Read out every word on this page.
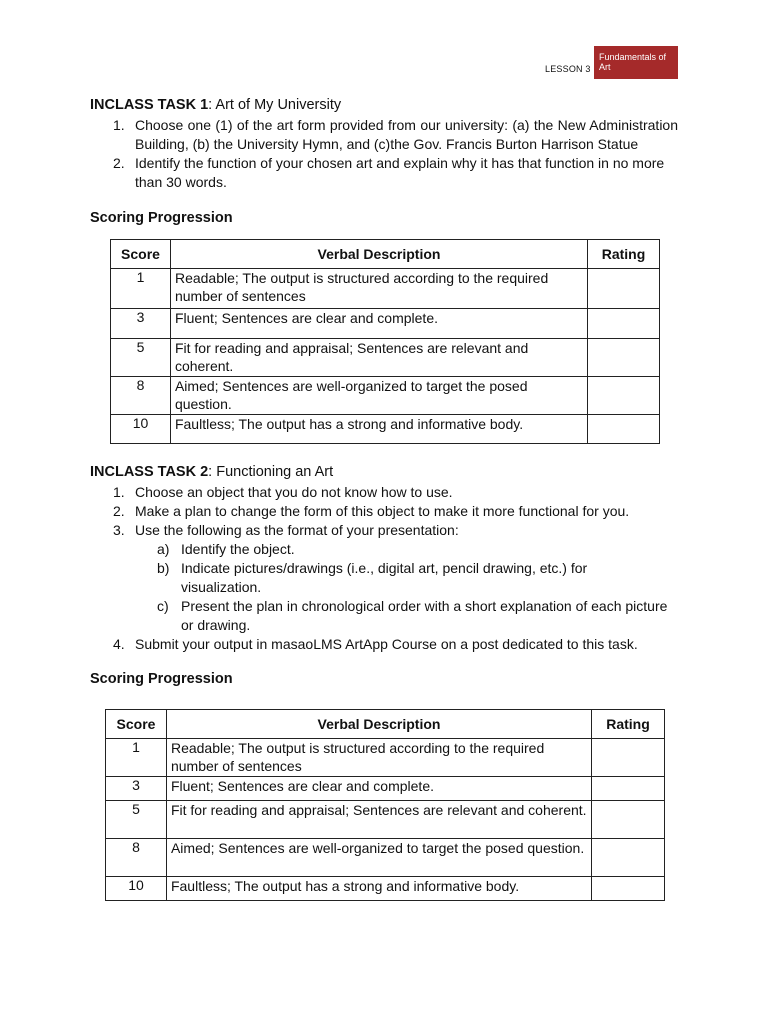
LESSON 3
Fundamentals of Art
INCLASS TASK 1: Art of My University
1. Choose one (1) of the art form provided from our university: (a) the New Administration Building, (b) the University Hymn, and (c)the Gov. Francis Burton Harrison Statue
2. Identify the function of your chosen art and explain why it has that function in no more than 30 words.
Scoring Progression
Score	Verbal Description	Rating
1	Readable; The output is structured according to the required number of sentences	
3	Fluent; Sentences are clear and complete.	
5	Fit for reading and appraisal; Sentences are relevant and coherent.	
8	Aimed; Sentences are well-organized to target the posed question.	
10	Faultless; The output has a strong and informative body.	
INCLASS TASK 2: Functioning an Art
1. Choose an object that you do not know how to use.
2. Make a plan to change the form of this object to make it more functional for you.
3. Use the following as the format of your presentation:
a) Identify the object.
b) Indicate pictures/drawings (i.e., digital art, pencil drawing, etc.) for visualization.
c) Present the plan in chronological order with a short explanation of each picture or drawing.
4. Submit your output in masaoLMS ArtApp Course on a post dedicated to this task.
Scoring Progression
Score	Verbal Description	Rating
1	Readable; The output is structured according to the required number of sentences	
3	Fluent; Sentences are clear and complete.	
5	Fit for reading and appraisal; Sentences are relevant and coherent.	
8	Aimed; Sentences are well-organized to target the posed question.	
10	Faultless; The output has a strong and informative body.	
